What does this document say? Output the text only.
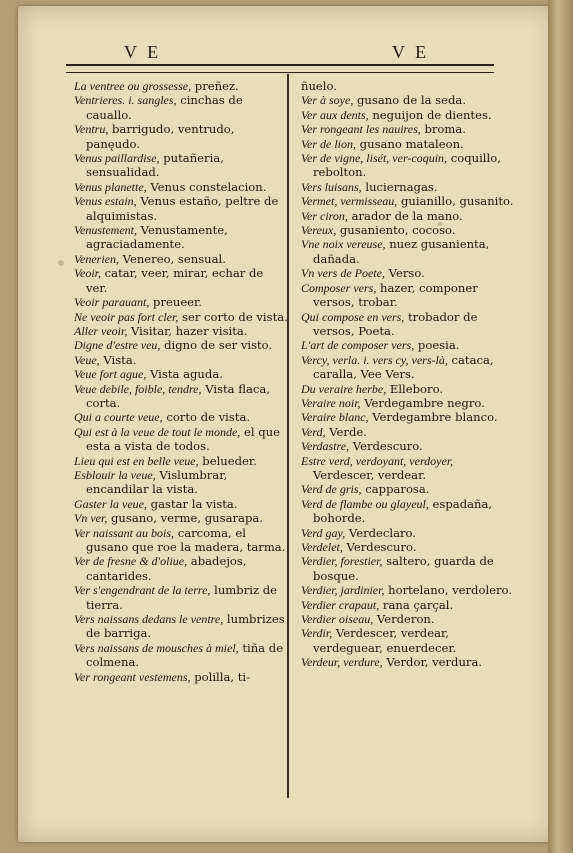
V E	V E

La ventree ou grossesse, preñez.

Ventrieres. i. sangles, cinchas de cauallo.

Ventru, barrigudo, ventrudo, panęudo.

Venus paillardise, putañeria, sensualidad.

Venus planette, Venus constelacion.

Venus estain, Venus estaño, peltre de alquimistas.

Venustement, Venustamente, agraciadamente.

Venerien, Venereo, sensual.

Veoir, catar, veer, mirar, echar de ver.

Veoir parauant, preueer.

Ne veoir pas fort cler, ser corto de vista.

Aller veoir, Visitar, hazer visita.

Digne d'estre veu, digno de ser visto.

Veue, Vista.

Veue fort ague, Vista aguda.

Veue debile, foible, tendre, Vista flaca, corta.

Qui a courte veue, corto de vista.

Qui est à la veue de tout le monde, el que esta a vista de todos.

Lieu qui est en belle veue, belueder.

Esblouir la veue, Vislumbrar, encandilar la vista.

Gaster la veue, gastar la vista.

Vn ver, gusano, verme, gusarapa.

Ver naissant au bois, carcoma, el gusano que roe la madera, tarma.

Ver de fresne & d'oliue, abadejos, cantarides.

Ver s'engendrant de la terre, lumbriz de tierra.

Vers naissans dedans le ventre, lumbrizes de barriga.

Vers naissans de mousches à miel, tiña de colmena.

Ver rongeant vestemens, polilla, ti-

ñuelo.

Ver à soye, gusano de la seda.

Ver aux dents, neguijon de dientes.

Ver rongeant les nauires, broma.

Ver de lion, gusano mataleon.

Ver de vigne, lisét, ver-coquin, coquillo, rebolton.

Vers luisans, luciernagas.

Vermet, vermisseau, guianillo, gusanito.

Ver ciron, arador de la mano.

Vereux, gusaniento, cocoso.

Vne noix vereuse, nuez gusanienta, dañada.

Vn vers de Poete, Verso.

Composer vers, hazer, componer versos, trobar.

Qui compose en vers, trobador de versos, Poeta.

L'art de composer vers, poesia.

Vercy, verla. i. vers cy, vers-là, cataca, caralla, Vee Vers.

Du veraire herbe, Elleboro.

Veraire noir, Verdegambre negro.

Veraire blanc, Verdegambre blanco.

Verd, Verde.

Verdastre, Verdescuro.

Estre verd, verdoyant, verdoyer, Verdescer, verdear.

Verd de gris, capparosa.

Verd de flambe ou glayeul, espadaña, bohorde.

Verd gay, Verdeclaro.

Verdelet, Verdescuro.

Verdier, forestier, saltero, guarda de bosque.

Verdier, jardinier, hortelano, verdolero.

Verdier crapaut, rana çarçal.

Verdier oiseau, Verderon.

Verdir, Verdescer, verdear, verdeguear, enuerdecer.

Verdeur, verdure, Verdor, verdura.
